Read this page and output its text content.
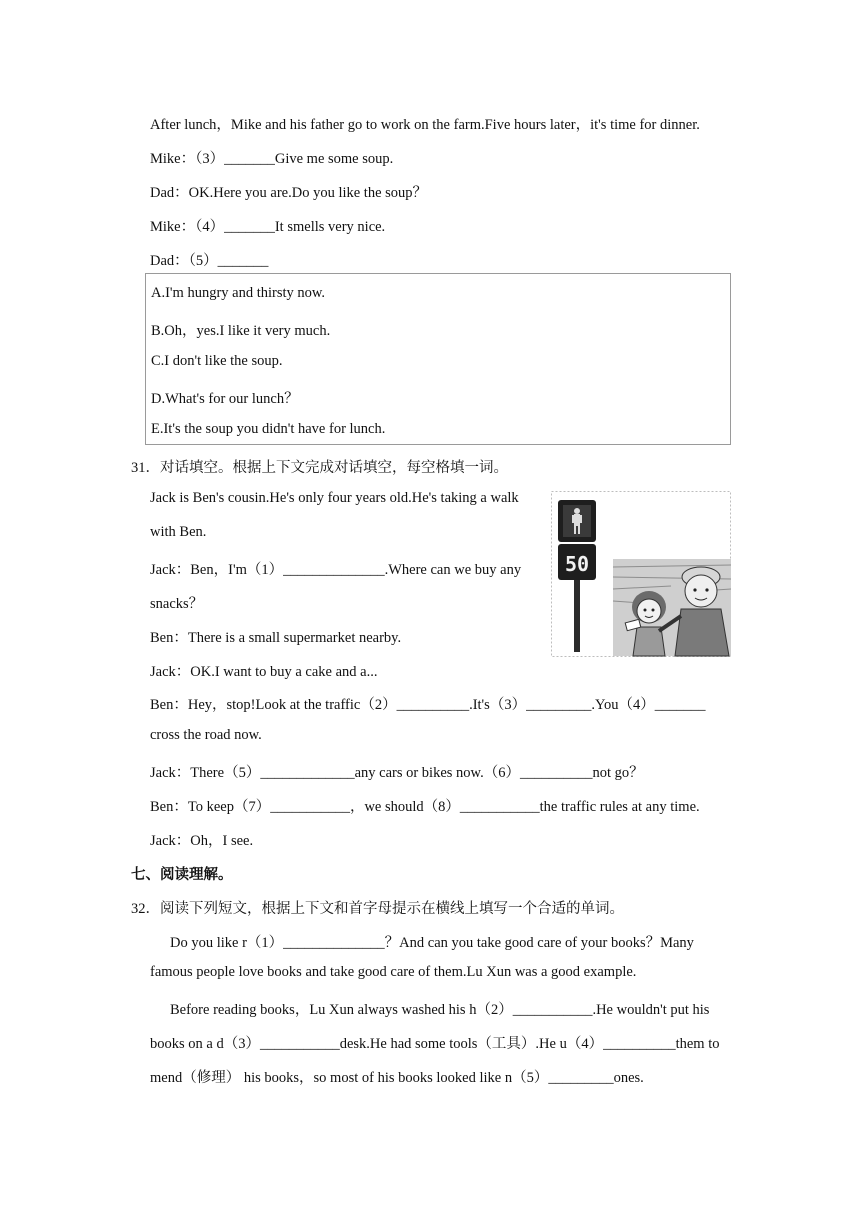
After lunch，Mike and his father go to work on the farm.Five hours later，it's time for dinner.
Mike：（3）_______Give me some soup.
Dad：OK.Here you are.Do you like the soup？
Mike：（4）_______It smells very nice.
Dad：（5）_______
A.I'm hungry and thirsty now.
B.Oh，yes.I like it very much.
C.I don't like the soup.
D.What's for our lunch？
E.It's the soup you didn't have for lunch.
31．对话填空。根据上下文完成对话填空，每空格填一词。
Jack is Ben's cousin.He's only four years old.He's taking a walk
with Ben.
Jack：Ben，I'm（1）______________.Where can we buy any
snacks？
Ben：There is a small supermarket nearby.
Jack：OK.I want to buy a cake and a...
Ben：Hey，stop!Look at the traffic（2）__________.It's（3）_________.You（4）_______
cross the road now.
Jack：There（5）_____________any cars or bikes now.（6）__________not go？
Ben：To keep（7）___________，we should（8）___________the traffic rules at any time.
Jack：Oh，I see.
50
七、阅读理解。
32．阅读下列短文，根据上下文和首字母提示在横线上填写一个合适的单词。
Do you like r（1）______________？And can you take good care of your books？Many
famous people love books and take good care of them.Lu Xun was a good example.
Before reading books，Lu Xun always washed his h（2）___________.He wouldn't put his
books on a d（3）___________desk.He had some tools（工具）.He u（4）__________them to
mend（修理） his books，so most of his books looked like n（5）_________ones.
